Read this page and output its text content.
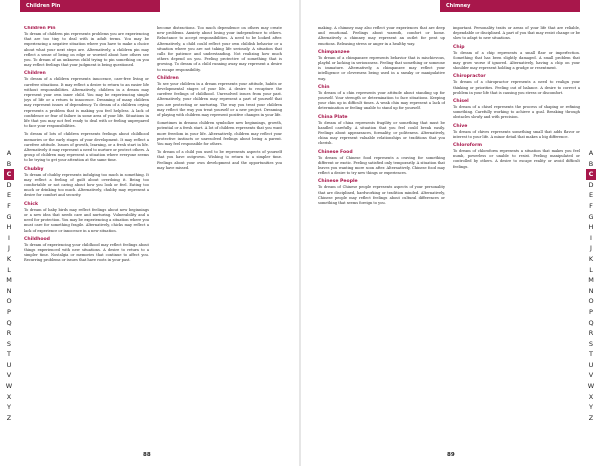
Children Pin
A
B
C
D
E
F
G
H
I
J
K
L
M
N
O
P
Q
R
S
T
U
V
W
X
Y
Z
Children Pin
To dream of children pin represents problems you are experiencing that are too tiny to deal with in adult terms. You may be experiencing a negative situation where you have to make a choice about what your next steps are. Alternatively, a children pin may reflect a sense of being on edge or worried about how others see you. To dream of an unknown child trying to pin something on you may reflect feelings that your judgment is being questioned.
Children
To dream of a children represents innocence, care-free living or carefree situations. It may reflect a desire to return to an easier life without responsibilities. Alternatively, children in a dream may represent your own inner child. You may be experiencing simple joys of life or a return to innocence. Dreaming of many children may represent issues of dependency. To dream of a children crying represents a problem that is making you feel helpless. A lack of confidence or fear of failure in some area of your life. Situations in life that you may not feel ready to deal with or feeling unprepared to face your responsibilities.
To dream of lots of children represents feelings about childhood memories or the early stages of your development. It may reflect a carefree attitude. Issues of growth, learning, or a fresh start in life. Alternatively it may represent a need to nurture or protect others. A group of children may represent a situation where everyone seems to be trying to get your attention at the same time.
Chubby
To dream of chubby represents indulging too much in something. It may reflect a feeling of guilt about overdoing it. Being too comfortable or not caring about how you look or feel. Eating too much or drinking too much. Alternatively, chubby may represent a desire for comfort and security.
Chick
To dream of baby birds may reflect feelings about new beginnings or a new idea that needs care and nurturing. Vulnerability and a need for protection. You may be experiencing a situation where you must care for something fragile. Alternatively, chicks may reflect a lack of experience or innocence in a new situation.
Childhood
To dream of experiencing your childhood may reflect feelings about things experienced with new situations. A desire to return to a simpler time. Nostalgia or memories that continue to affect you. Recurring problems or issues that have roots in your past.
become distractions. Too much dependence on others may create new problems. Anxiety about losing your independence to others. Reluctance to accept responsibilities. A need to be looked after. Alternatively, a child could reflect your own childish behavior or a situation where you are not taking life seriously. A situation that calls for patience and understanding. Not realizing how much others depend on you. Feeling protective of something that is growing. To dream of a child running away may represent a desire to escape responsibility.
Children
To see your children in a dream represents your attitude, habits or developmental stages of your life. A desire to recapture the carefree feelings of childhood. Unresolved issues from your past. Alternatively, your children may represent a part of yourself that you are protecting or nurturing. The way you treat your children may reflect the way you treat yourself or a new project. Dreaming of playing with children may represent positive changes in your life.
Sometimes in dreams children symbolize new beginnings, growth, potential or a fresh start. A lot of children represents that you want more freedom in your life. Alternatively, children may reflect your protective instincts or unresolved feelings about being a parent. You may feel responsible for others.
To dream of a child you used to be represents aspects of yourself that you have outgrown. Wishing to return to a simpler time. Feelings about your own development and the opportunities you may have missed.
88
Chimney
A
B
C
D
E
F
G
H
I
J
K
L
M
N
O
P
Q
R
S
T
U
V
W
X
Y
Z
making. A chimney may also reflect your experiences that are deep and emotional. Feelings about warmth, comfort or home. Alternatively a chimney may represent an outlet for pent up emotions. Releasing stress or anger in a healthy way.
Chimpanzee
To dream of a chimpanzee represents behavior that is mischievous, playful or lacking in seriousness. Feeling that something or someone is immature. Alternatively, a chimpanzee may reflect your intelligence or cleverness being used in a sneaky or manipulative way.
Chin
To dream of a chin represents your attitude about standing up for yourself. Your strength or determination to face situations. Keeping your chin up in difficult times. A weak chin may represent a lack of determination or feeling unable to stand up for yourself.
China Plate
To dream of china represents fragility or something that must be handled carefully. A situation that you feel could break easily. Feelings about appearances, formality, or politeness. Alternatively, china may represent valuable relationships or traditions that you cherish.
Chinese Food
To dream of Chinese food represents a craving for something different or exotic. Feeling satisfied only temporarily. A situation that leaves you wanting more soon after. Alternatively, Chinese food may reflect a desire to try new things or experiences.
Chinese People
To dream of Chinese people represents aspects of your personality that are disciplined, hardworking or tradition minded. Alternatively, Chinese people may reflect feelings about cultural differences or something that seems foreign to you.
important. Personality traits or areas of your life that are reliable, dependable or disciplined. A part of you that may resist change or be slow to adapt to new situations.
Chip
To dream of a chip represents a small flaw or imperfection. Something that has been slightly damaged. A small problem that may grow worse if ignored. Alternatively, having a chip on your shoulder may represent holding a grudge or resentment.
Chiropractor
To dream of a chiropractor represents a need to realign your thinking or priorities. Feeling out of balance. A desire to correct a problem in your life that is causing you stress or discomfort.
Chisel
To dream of a chisel represents the process of shaping or refining something. Carefully working to achieve a goal. Breaking through obstacles slowly and with precision.
Chive
To dream of chives represents something small that adds flavor or interest to your life. A minor detail that makes a big difference.
Chloroform
To dream of chloroform represents a situation that makes you feel numb, powerless or unable to resist. Feeling manipulated or controlled by others. A desire to escape reality or avoid difficult feelings.
89
